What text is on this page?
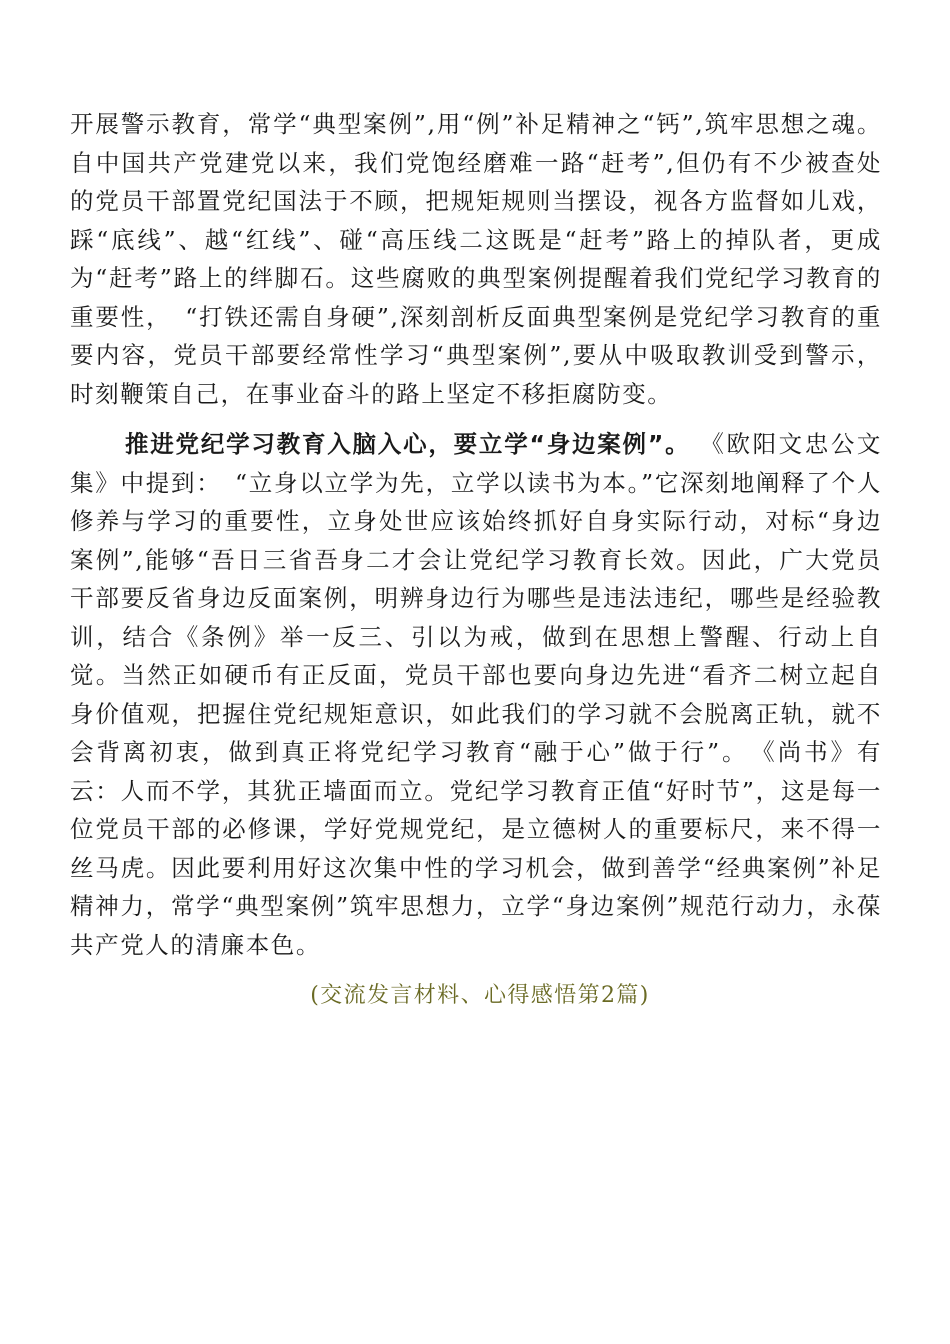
开展警示教育，常学“典型案例”,用“例”补足精神之“钙”,筑牢思想之魂。自中国共产党建党以来，我们党饱经磨难一路“赶考”,但仍有不少被查处的党员干部置党纪国法于不顾，把规矩规则当摆设，视各方监督如儿戏，踩“底线”、越“红线”、碰“高压线二这既是“赶考”路上的掉队者，更成为“赶考”路上的绊脚石。这些腐败的典型案例提醒着我们党纪学习教育的重要性，　“打铁还需自身硬”,深刻剖析反面典型案例是党纪学习教育的重要内容，党员干部要经常性学习“典型案例”,要从中吸取教训受到警示，时刻鞭策自己，在事业奋斗的路上坚定不移拒腐防变。

推进党纪学习教育入脑入心，要立学“身边案例”。 《欧阳文忠公文集》中提到：　“立身以立学为先，立学以读书为本。”它深刻地阐释了个人修养与学习的重要性，立身处世应该始终抓好自身实际行动，对标“身边案例”,能够“吾日三省吾身二才会让党纪学习教育长效。因此，广大党员干部要反省身边反面案例，明辨身边行为哪些是违法违纪，哪些是经验教训，结合《条例》举一反三、引以为戒，做到在思想上警醒、行动上自觉。当然正如硬币有正反面，党员干部也要向身边先进“看齐二树立起自身价值观，把握住党纪规矩意识，如此我们的学习就不会脱离正轨，就不会背离初衷，做到真正将党纪学习教育“融于心”做于行”。　《尚书》有云：人而不学，其犹正墙面而立。党纪学习教育正值“好时节”，这是每一位党员干部的必修课，学好党规党纪，是立德树人的重要标尺，来不得一丝马虎。因此要利用好这次集中性的学习机会，做到善学“经典案例”补足精神力，常学“典型案例”筑牢思想力，立学“身边案例”规范行动力，永葆共产党人的清廉本色。

(交流发言材料、心得感悟第2篇)
